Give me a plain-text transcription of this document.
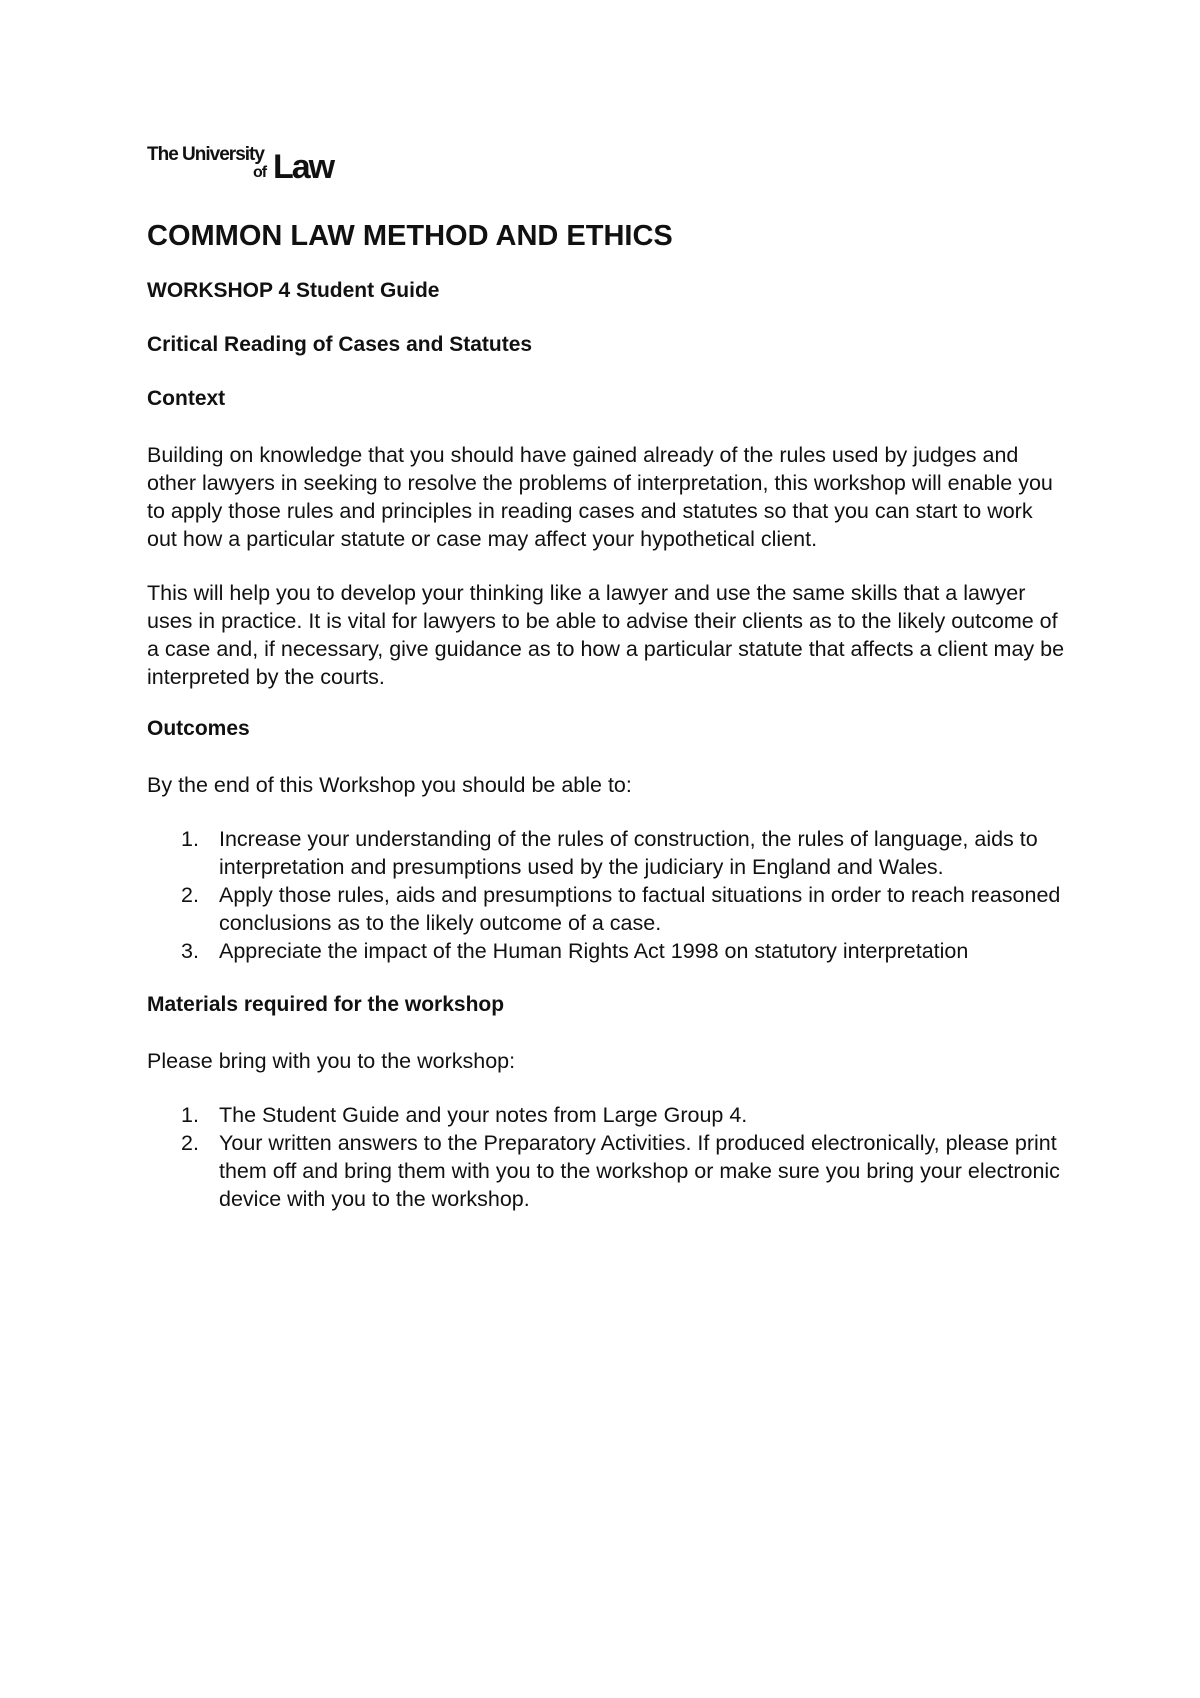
The University
of Law
COMMON LAW METHOD AND ETHICS
WORKSHOP 4 Student Guide
Critical Reading of Cases and Statutes
Context

Building on knowledge that you should have gained already of the rules used by judges and other lawyers in seeking to resolve the problems of interpretation, this workshop will enable you to apply those rules and principles in reading cases and statutes so that you can start to work out how a particular statute or case may affect your hypothetical client.

This will help you to develop your thinking like a lawyer and use the same skills that a lawyer uses in practice. It is vital for lawyers to be able to advise their clients as to the likely outcome of a case and, if necessary, give guidance as to how a particular statute that affects a client may be interpreted by the courts.

Outcomes

By the end of this Workshop you should be able to:

1. Increase your understanding of the rules of construction, the rules of language, aids to interpretation and presumptions used by the judiciary in England and Wales.
2. Apply those rules, aids and presumptions to factual situations in order to reach reasoned conclusions as to the likely outcome of a case.
3. Appreciate the impact of the Human Rights Act 1998 on statutory interpretation
Materials required for the workshop

Please bring with you to the workshop:

1. The Student Guide and your notes from Large Group 4.
2. Your written answers to the Preparatory Activities. If produced electronically, please print them off and bring them with you to the workshop or make sure you bring your electronic device with you to the workshop.
